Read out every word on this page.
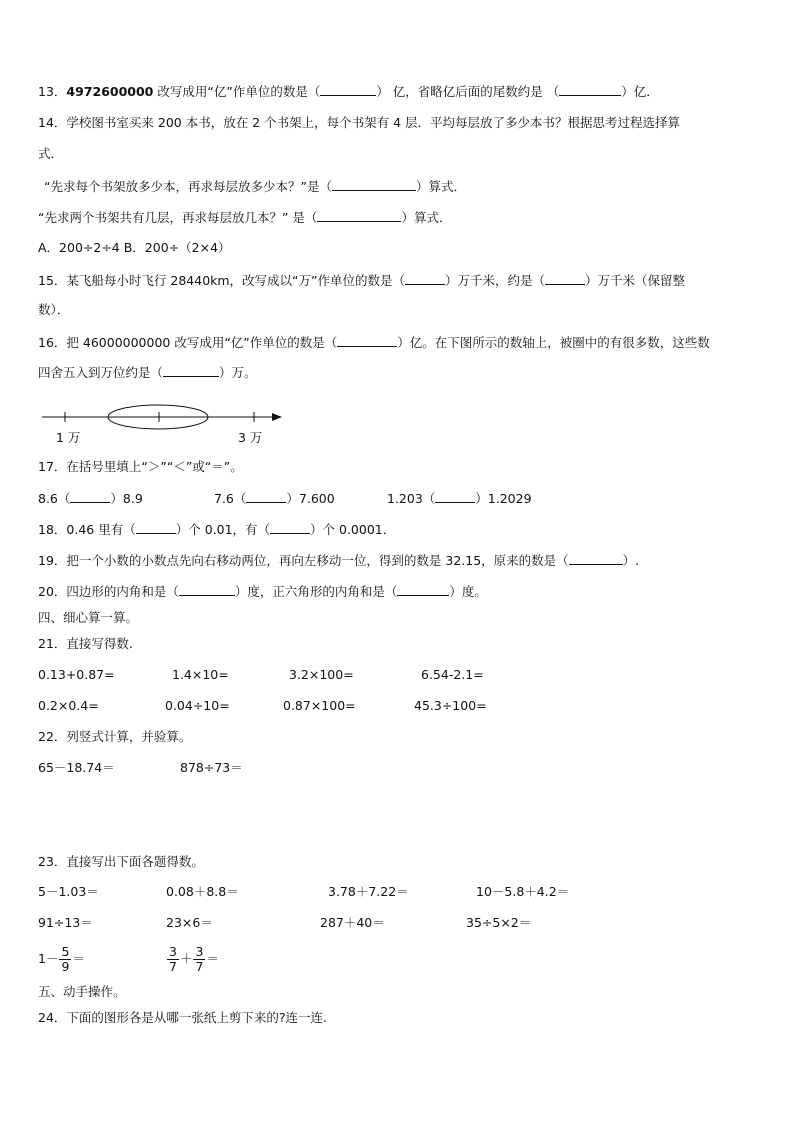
13．4972600000 改写成用“亿”作单位的数是（	） 亿，省略亿后面的尾数约是 （	）亿．
14．学校图书室买来 200 本书，放在 2 个书架上，每个书架有 4 层．平均每层放了多少本书？根据思考过程选择算
式．
“先求每个书架放多少本，再求每层放多少本？”是（	）算式．
“先求两个书架共有几层，再求每层放几本？” 是（	）算式．
A．200÷2÷4 B．200÷（2×4）
15．某飞船每小时飞行 28440km，改写成以“万”作单位的数是（	）万千米，约是（	）万千米（保留整
数）．
16．把 46000000000 改写成用“亿”作单位的数是（	）亿。在下图所示的数轴上，被圈中的有很多数，这些数
四舍五入到万位约是（	）万。
1 万	3 万
17．在括号里填上“＞”“＜”或“＝”。
8.6（	）8.9	7.6（	）7.600	1.203（	）1.2029
18．0.46 里有（	）个 0.01，有（	）个 0.0001．
19．把一个小数的小数点先向右移动两位，再向左移动一位，得到的数是 32.15，原来的数是（	）.
20．四边形的内角和是（	）度，正六角形的内角和是（	）度。
四、细心算一算。
21．直接写得数.
0.13+0.87=	1.4×10=	3.2×100=	6.54-2.1=
0.2×0.4=	0.04÷10=	0.87×100=	45.3÷100=
22．列竖式计算，并验算。
65－18.74＝	878÷73＝
23．直接写出下面各题得数。
5－1.03＝	0.08＋8.8＝	3.78＋7.22＝	10－5.8＋4.2＝
91÷13＝	23×6＝	287＋40＝	35÷5×2＝
$1- \frac{5}{9}$ ＝	$\frac{3}{7} + \frac{3}{7}$ ＝
五、动手操作。
24．下面的图形各是从哪一张纸上剪下来的?连一连.
